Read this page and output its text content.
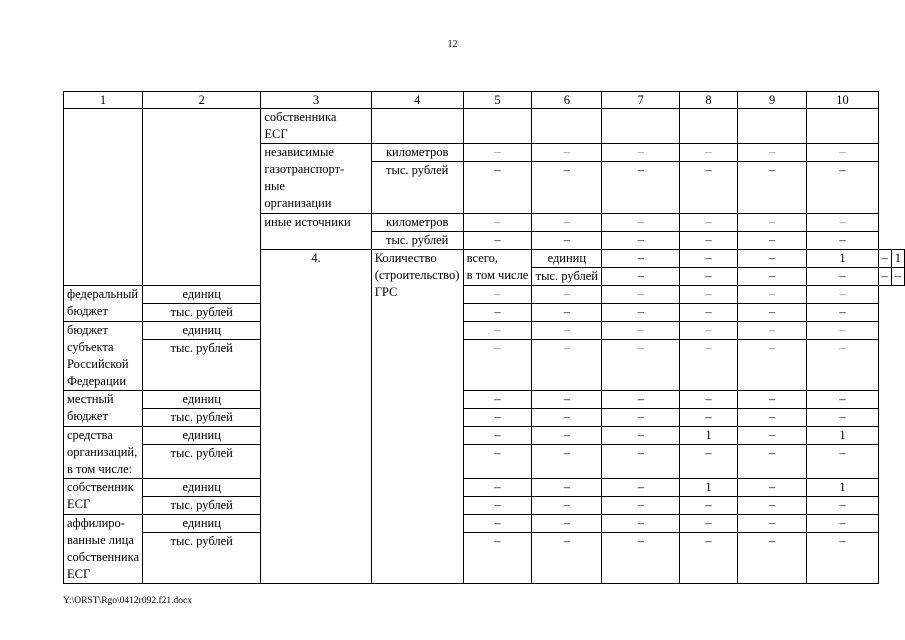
12
1	2	3	4	5	6	7	8	9	10		
		собственника
ЕСГ									
		независимые
газотранспорт-
ные
организации	километров	–	–	–	–	–	–		
			тыс. рублей	–	–	–	–	–	–		
		иные источники	километров	–	–	–	–	–	–		
			тыс. рублей	–	–	–	–	–	–		
		4.	Количество
(строительство)
ГРС	всего,
в том числе	единиц	–	–	–	1	–	1
					тыс. рублей	–	–	–	–	–	–
федеральный
бюджет	единиц			–	–	–	–	–	–		
	тыс. рублей			–	–	–	–	–	–		
бюджет
субъекта
Российской
Федерации	единиц			–	–	–	–	–	–		
	тыс. рублей			–	–	–	–	–	–		
местный
бюджет	единиц			–	–	–	–	–	–		
	тыс. рублей			–	–	–	–	–	–		
средства
организаций,
в том числе:	единиц			–	–	–	1	–	1		
	тыс. рублей			–	–	–	–	–	–		
собственник
ЕСГ	единиц			–	–	–	1	–	1		
	тыс. рублей			–	–	–	–	–	–		
аффилиро-
ванные лица
собственника
ЕСГ	единиц			–	–	–	–	–	–		
	тыс. рублей			–	–	–	–	–	–		
Y:\ORST\Rgo\0412r092.f21.docx
